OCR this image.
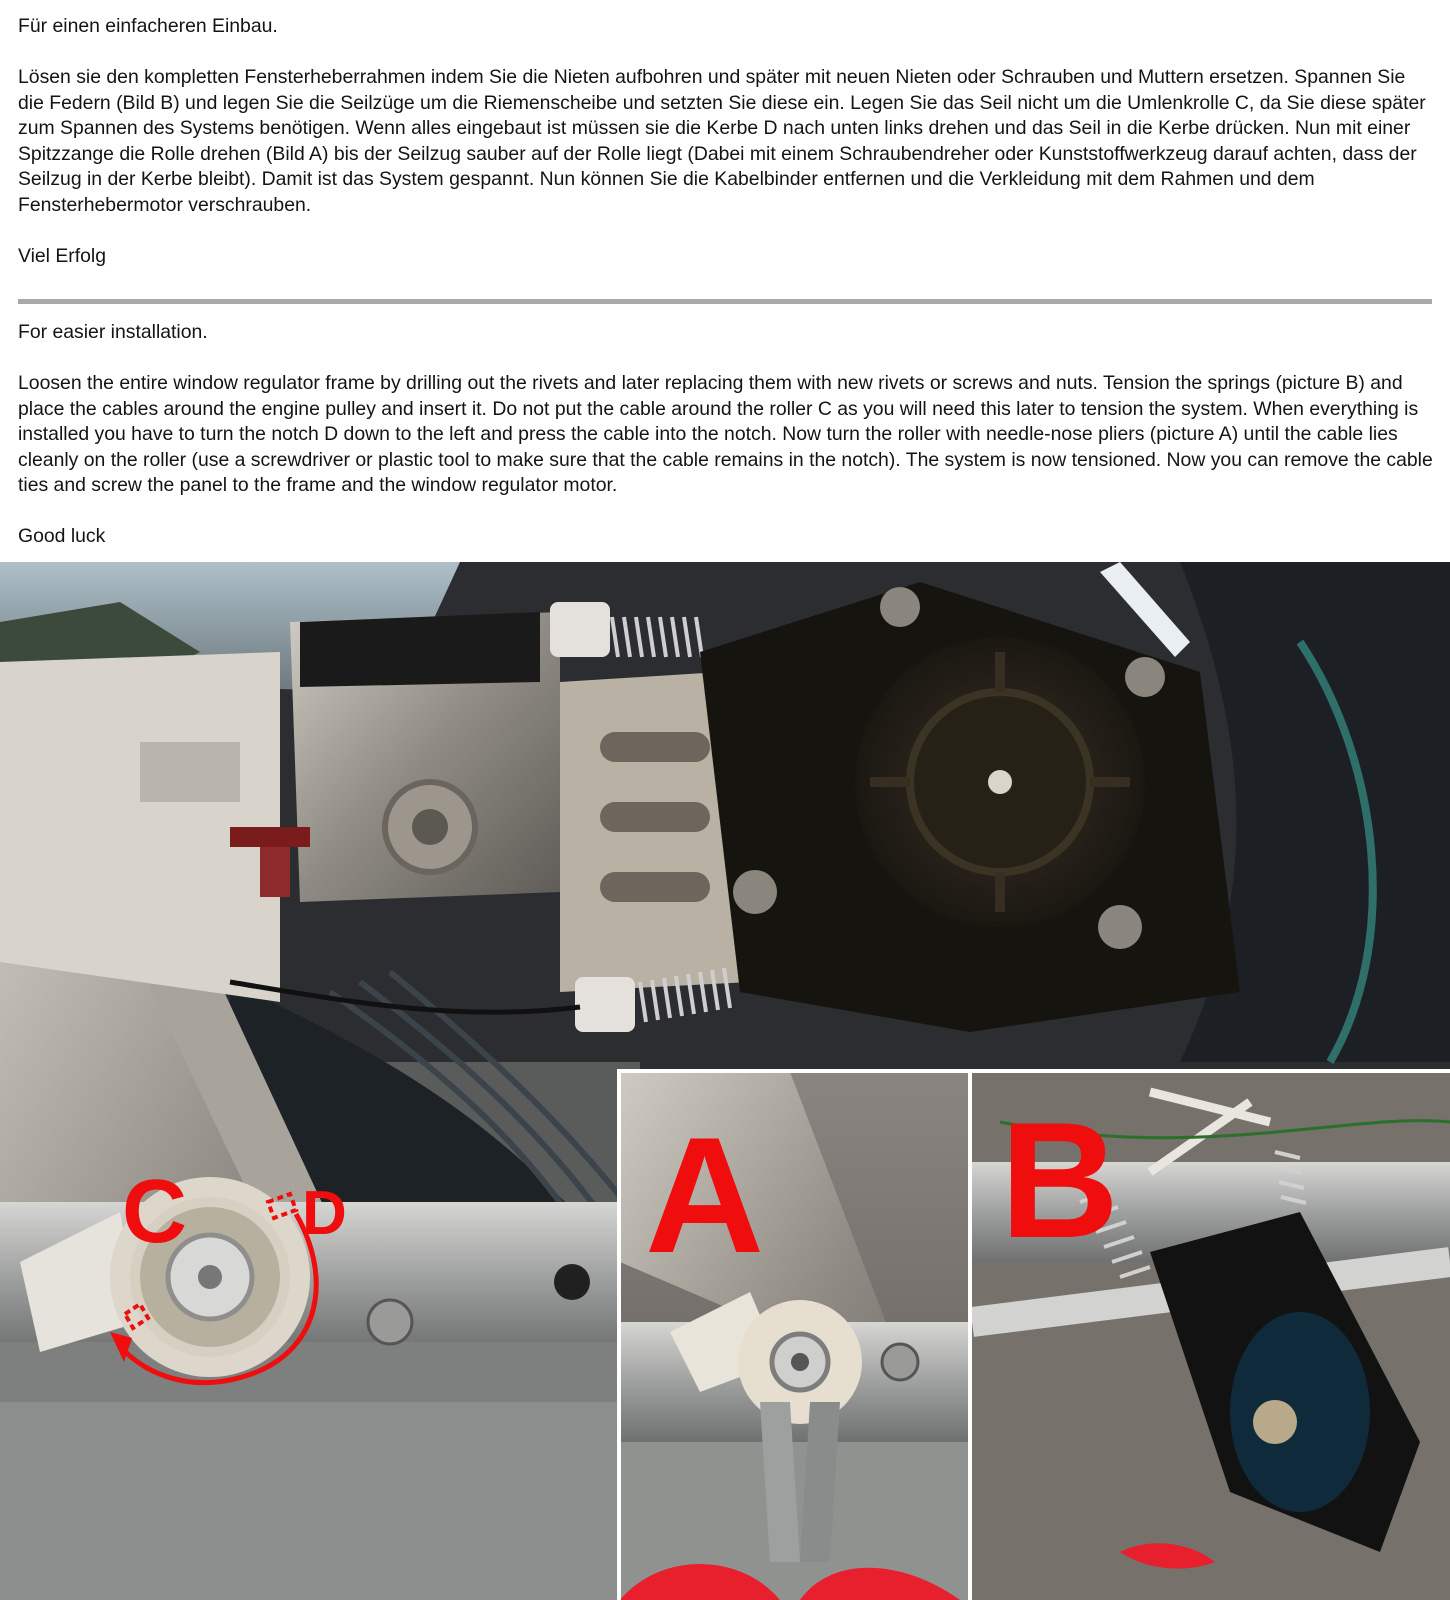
Für einen einfacheren Einbau.

Lösen sie den kompletten Fensterheberrahmen indem Sie die Nieten aufbohren und später mit neuen Nieten oder Schrauben und Muttern ersetzen. Spannen Sie die Federn (Bild B) und legen Sie die Seilzüge um die Riemenscheibe und setzten Sie diese ein. Legen Sie das Seil nicht um die Umlenkrolle C, da Sie diese später zum Spannen des Systems benötigen. Wenn alles eingebaut ist müssen sie die Kerbe D nach unten links drehen und das Seil in die Kerbe drücken. Nun mit einer Spitzzange die Rolle drehen (Bild A) bis der Seilzug sauber auf der Rolle liegt (Dabei mit einem Schraubendreher oder Kunststoffwerkzeug darauf achten, dass der Seilzug in der Kerbe bleibt). Damit ist das System gespannt. Nun können Sie die Kabelbinder entfernen und die Verkleidung mit dem Rahmen und dem Fensterhebermotor verschrauben.

Viel Erfolg

For easier installation.

Loosen the entire window regulator frame by drilling out the rivets and later replacing them with new rivets or screws and nuts. Tension the springs (picture B) and place the cables around the engine pulley and insert it. Do not put the cable around the roller C as you will need this later to tension the system. When everything is installed you have to turn the notch D down to the left and press the cable into the notch. Now turn the roller with needle-nose pliers (picture A) until the cable lies cleanly on the roller (use a screwdriver or plastic tool to make sure that the cable remains in the notch). The system is now tensioned. Now you can remove the cable ties and screw the panel to the frame and the window regulator motor.

Good luck

C D A B
